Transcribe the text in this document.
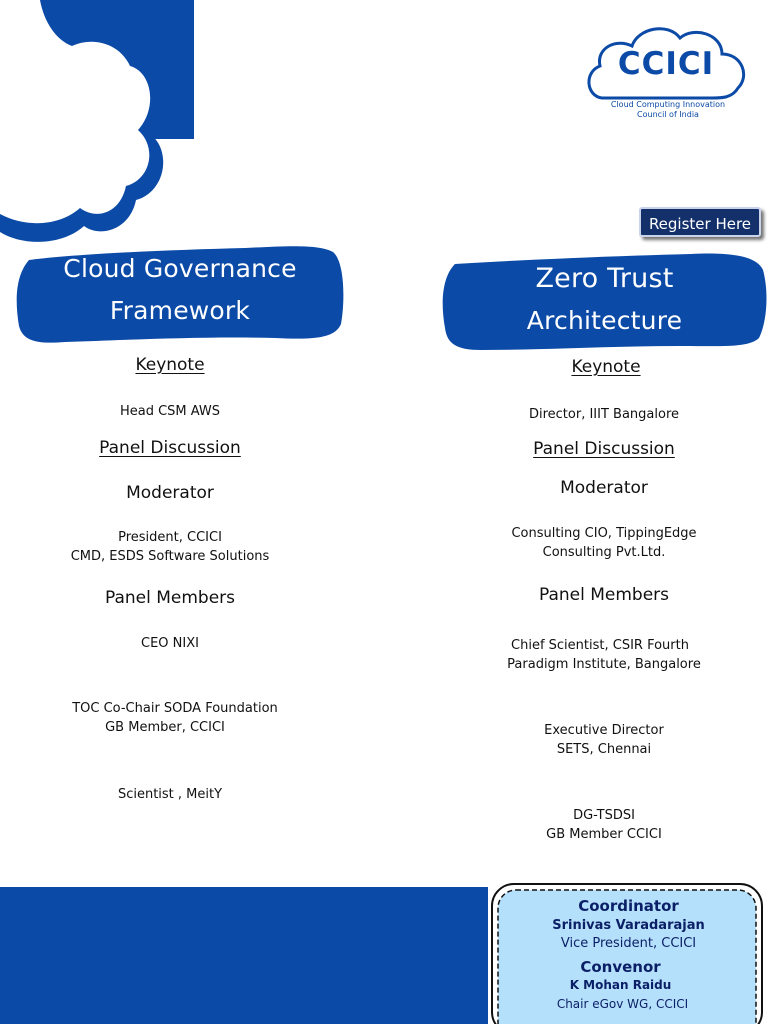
CCICI
Cloud Computing Innovation
Council of India
Register Here
Cloud Governance
Framework
Zero Trust
Architecture
Keynote
Head CSM AWS
Panel Discussion
Moderator
President, CCICI
CMD, ESDS Software Solutions
Panel Members
CEO NIXI
TOC Co-Chair SODA Foundation
GB Member, CCICI
Scientist , MeitY
Keynote
Director, IIIT Bangalore
Panel Discussion
Moderator
Consulting CIO, TippingEdge
Consulting Pvt.Ltd.
Panel Members
Chief Scientist, CSIR Fourth
Paradigm Institute, Bangalore
Executive Director
SETS, Chennai
DG-TSDSI
GB Member CCICI
Coordinator
Srinivas Varadarajan
Vice President, CCICI
Convenor
K Mohan Raidu
Chair eGov WG, CCICI
